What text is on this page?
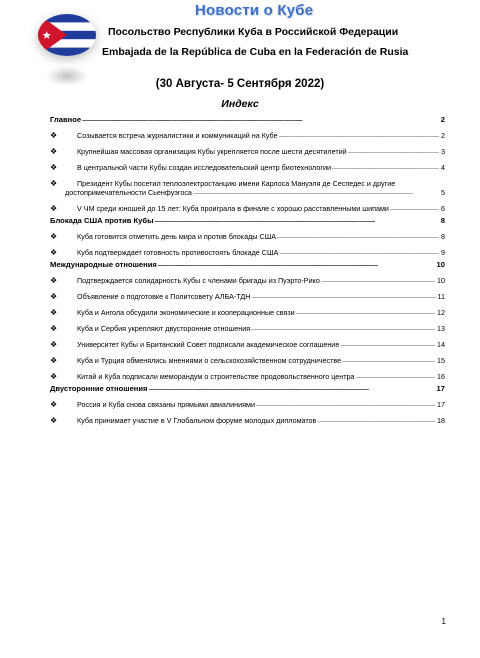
Новости о Кубе
Посольство Республики Куба в Российской Федерации
Embajada de la República de Cuba en la Federación de Rusia
(30 Августа- 5 Сентября 2022)
Индекс
Главное . . .	2
❖	Созывается встреча журналистики и коммуникаций на Кубе . . .	2
❖	Крупнейшая массовая организация Кубы укрепляется после шести десятилетий . . .	3
❖	В центральной части Кубы создан исследовательский центр биотехнологии . . .	4
❖	Президент Кубы посетил теплоэлектростанцию имени Карлоса Мануэля де Сеспедес и другие
достопримечательности Сьенфуэгоса . . .	5
❖	V ЧМ среди юношей до 15 лет: Куба проиграла в финале с хорошо расставленными шипами . . .	6
Блокада США против Кубы . . .	8
❖	Куба готовится отметить день мира и против блокады США . . .	8
❖	Куба подтверждает готовность противостоять блокаде США . . .	9
Международные отношения . . .	10
❖	Подтверждается солидарность Кубы с членами бригады из Пуэрто-Рико . . .	10
❖	Объявление о подготовке к Политсовету АЛБА-ТДН . . .	11
❖	Куба и Ангола обсудили экономические и кооперационные связи . . .	12
❖	Куба и Сербия укрепляют двусторонние отношения . . .	13
❖	Университет Кубы и Британский Совет подписали академическое соглашение . . .	14
❖	Куба и Турция обменялись мнениями о сельскохозяйственном сотрудничестве . . .	15
❖	Китай и Куба подписали меморандум о строительстве продовольственного центра . . .	16
Двусторонние отношения . . .	17
❖	Россия и Куба снова связаны прямыми авиалиниями . . .	17
❖	Куба принимает участие в V Глобальном форуме молодых дипломатов . . .	18
1
